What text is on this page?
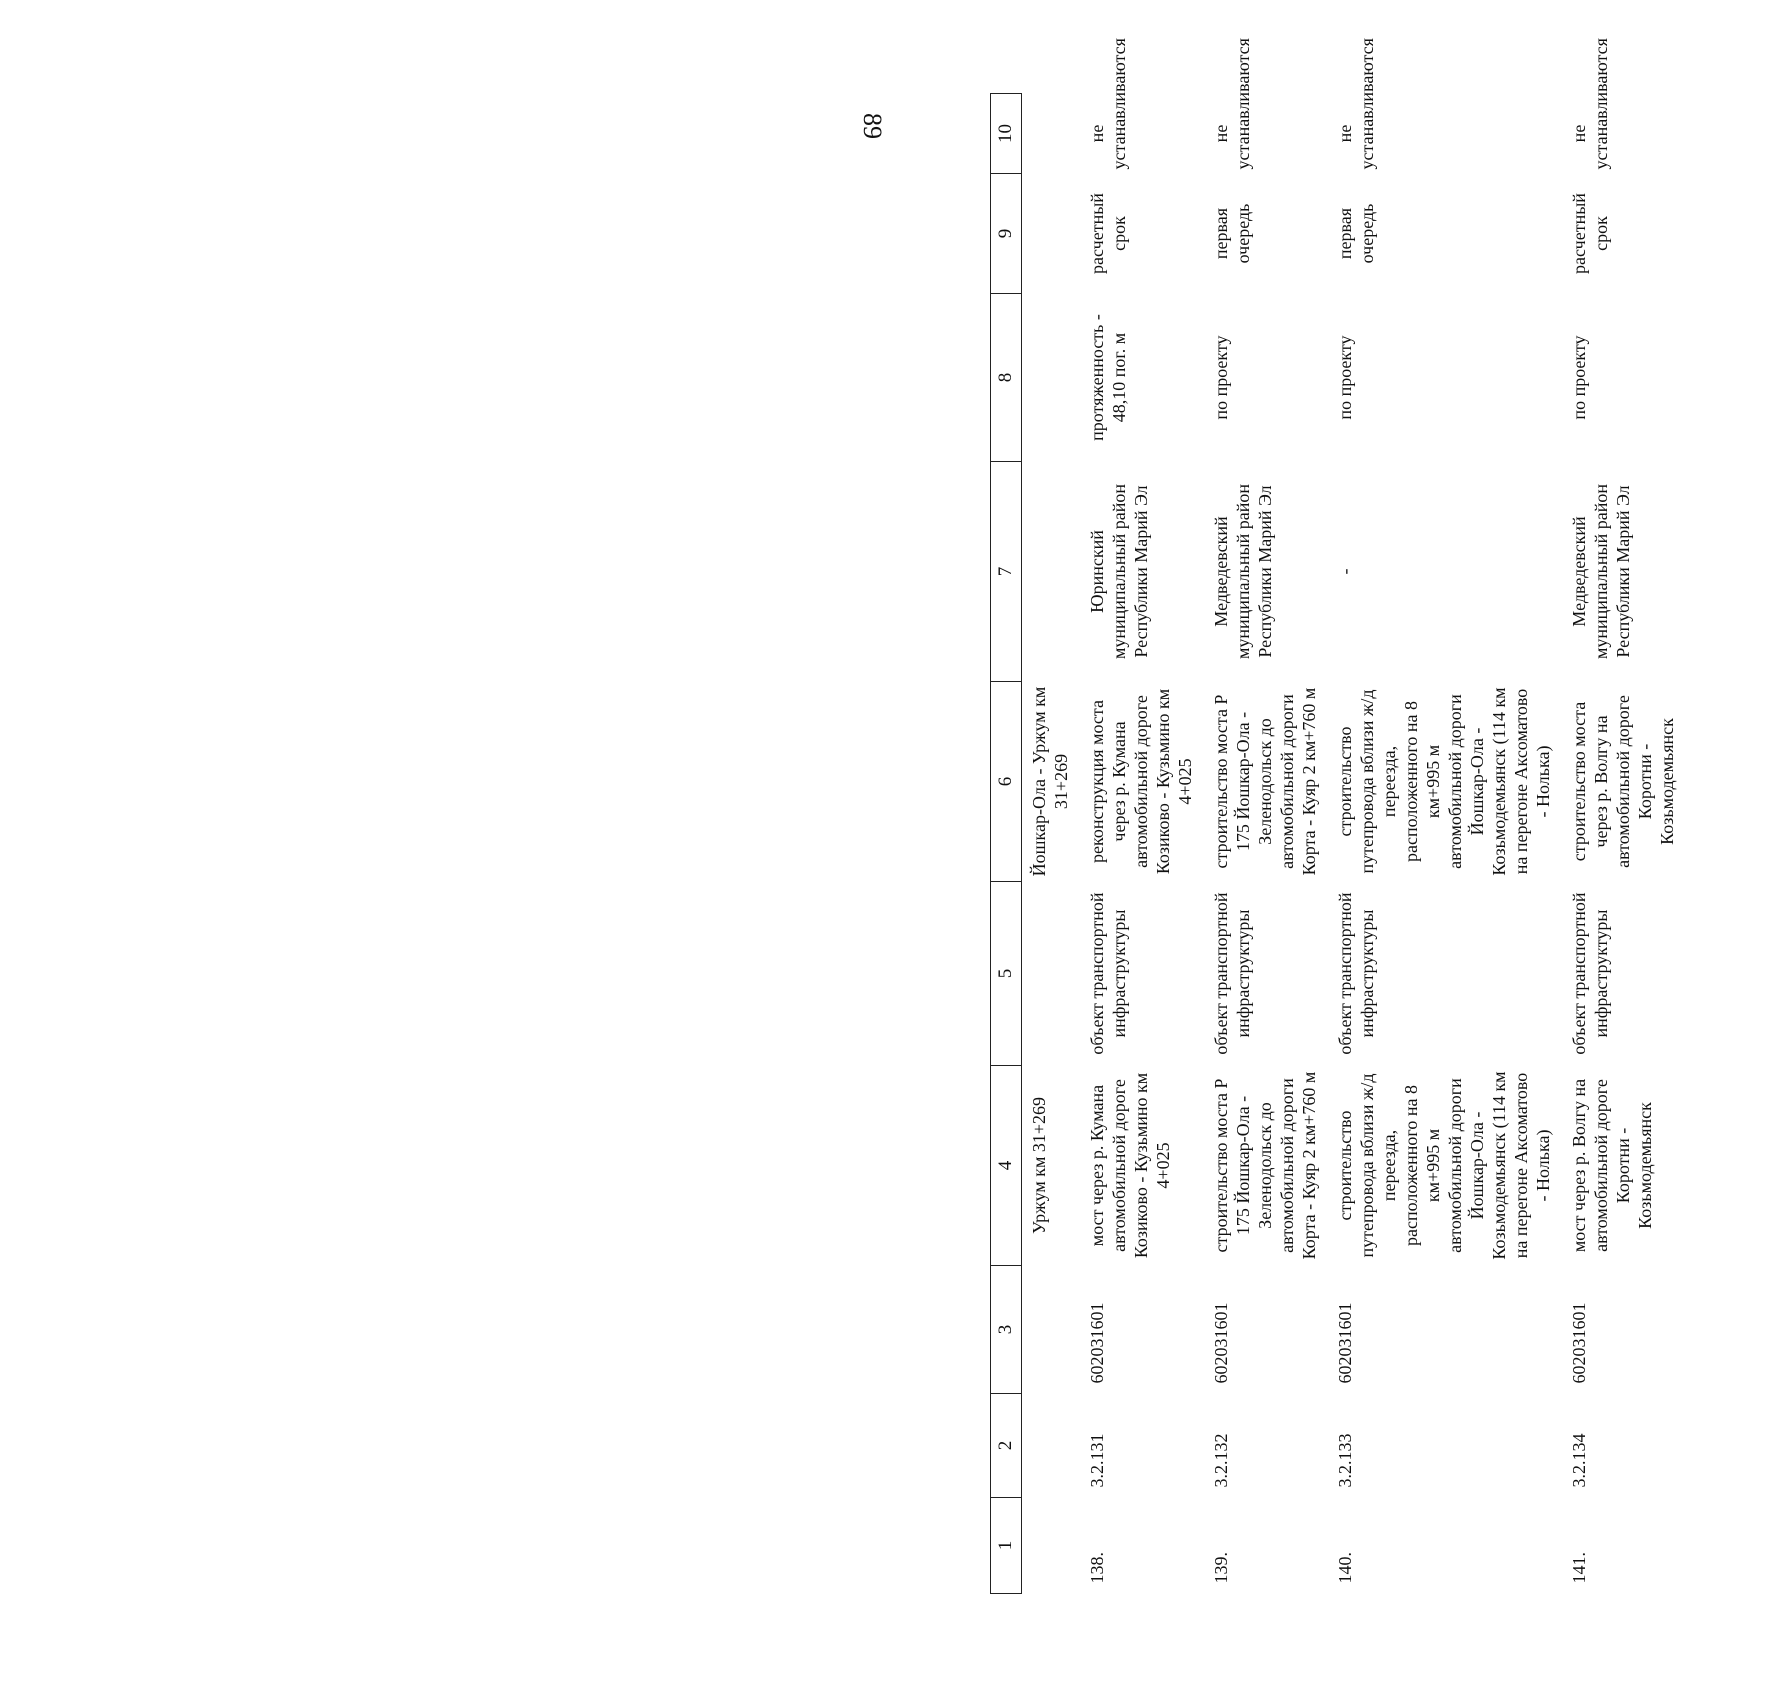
89
1	2	3	4	5	6	7	8	9	10
			Уржум км 31+269		Йошкар-Ола - Уржум км 31+269				
138.	3.2.131	602031601	мост через р. Кумана автомобильной дороге Козиково - Кузьмино км 4+025	объект транспортной инфраструктуры	реконструкция моста через р. Кумана автомобильной дороге Козиково - Кузьмино км 4+025	Юринский муниципальный район Республики Марий Эл	протяженность - 48,10 пог. м	расчетный срок	не устанавливаются
139.	3.2.132	602031601	строительство моста Р 175 Йошкар-Ола - Зеленодольск до автомобильной дороги Корта - Куяр 2 км+760 м	объект транспортной инфраструктуры	строительство моста Р 175 Йошкар-Ола - Зеленодольск до автомобильной дороги Корта - Куяр 2 км+760 м	Медведевский муниципальный район Республики Марий Эл	по проекту	первая очередь	не устанавливаются
140.	3.2.133	602031601	строительство путепровода вблизи ж/д переезда, расположенного на 8 км+995 м автомобильной дороги Йошкар-Ола - Козьмодемьянск (114 км на перегоне Аксоматово - Нолька)	объект транспортной инфраструктуры	строительство путепровода вблизи ж/д переезда, расположенного на 8 км+995 м автомобильной дороги Йошкар-Ола - Козьмодемьянск (114 км на перегоне Аксоматово - Нолька)	-	по проекту	первая очередь	не устанавливаются
141.	3.2.134	602031601	мост через р. Волгу на автомобильной дороге Коротни - Козьмодемьянск	объект транспортной инфраструктуры	строительство моста через р. Волгу на автомобильной дороге Коротни - Козьмодемьянск	Медведевский муниципальный район Республики Марий Эл	по проекту	расчетный срок	не устанавливаются
